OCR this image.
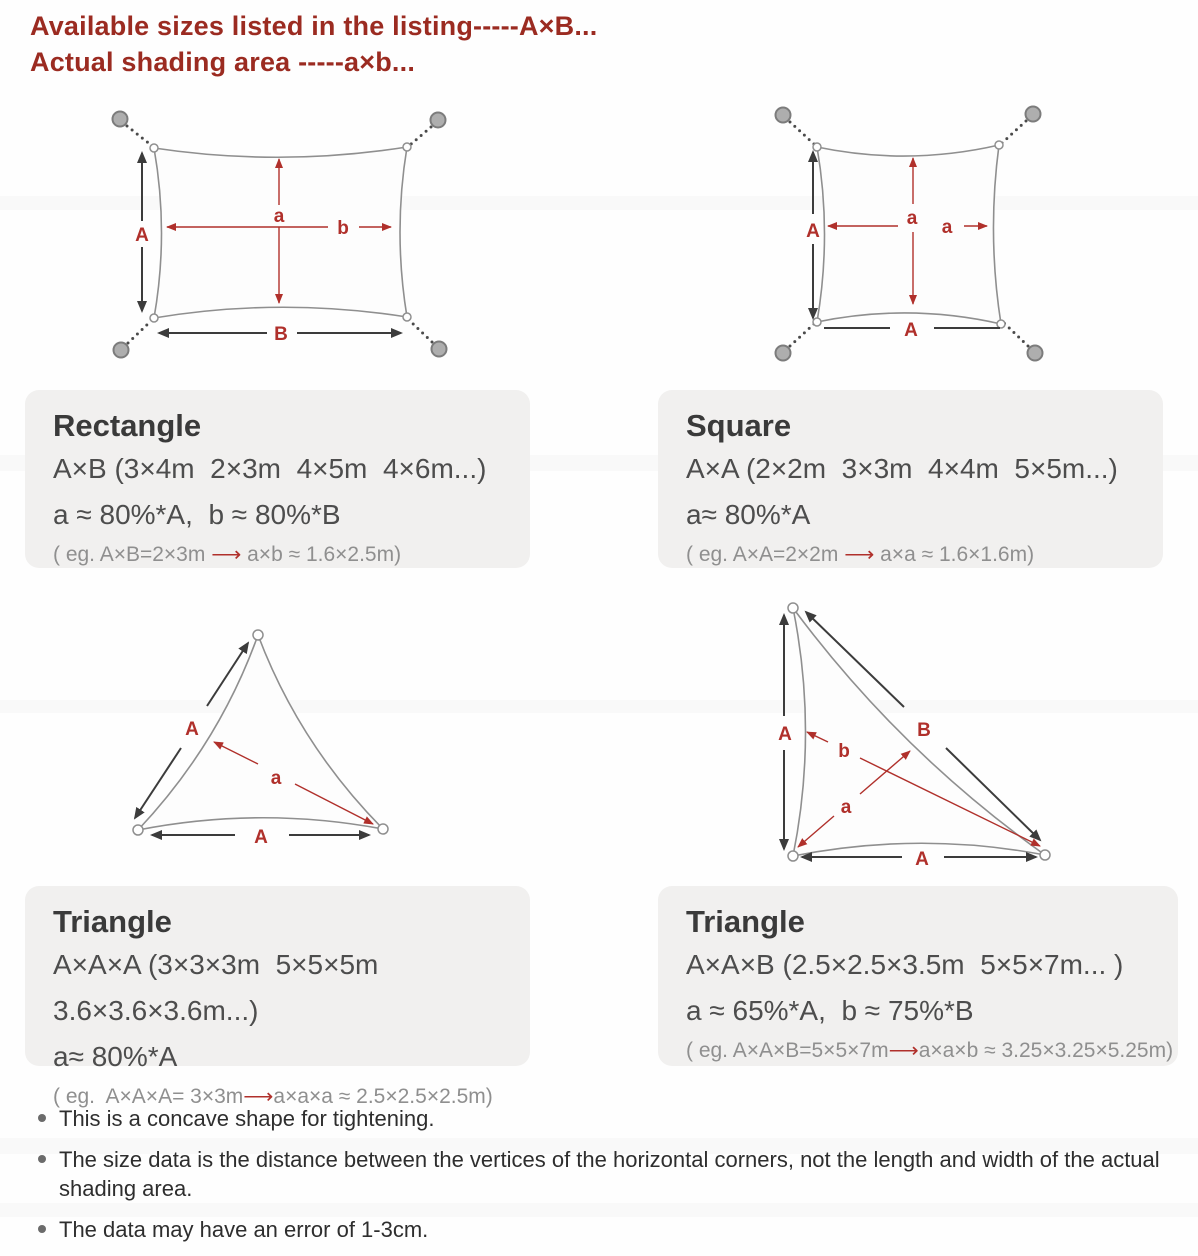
Available sizes listed in the listing-----A×B...
Actual shading area -----a×b...
A
a
b
B
A
a a
A
Rectangle
A×B (3×4m  2×3m  4×5m  4×6m...)
a ≈ 80%*A,  b ≈ 80%*B
( eg. A×B=2×3m ⟶ a×b ≈ 1.6×2.5m)
Square
A×A (2×2m  3×3m  4×4m  5×5m...)
a≈ 80%*A
( eg. A×A=2×2m ⟶ a×a ≈ 1.6×1.6m)
A
a
A
A	B
b
a
A
Triangle
A×A×A (3×3×3m  5×5×5m  3.6×3.6×3.6m...)
a≈ 80%*A
( eg.  A×A×A= 3×3m⟶a×a×a ≈ 2.5×2.5×2.5m)
Triangle
A×A×B (2.5×2.5×3.5m  5×5×7m... )
a ≈ 65%*A,  b ≈ 75%*B
( eg. A×A×B=5×5×7m⟶a×a×b ≈ 3.25×3.25×5.25m)
This is a concave shape for tightening.
The size data is the distance between the vertices of the horizontal corners, not the length and width of the actual shading area.
The data may have an error of 1-3cm.
